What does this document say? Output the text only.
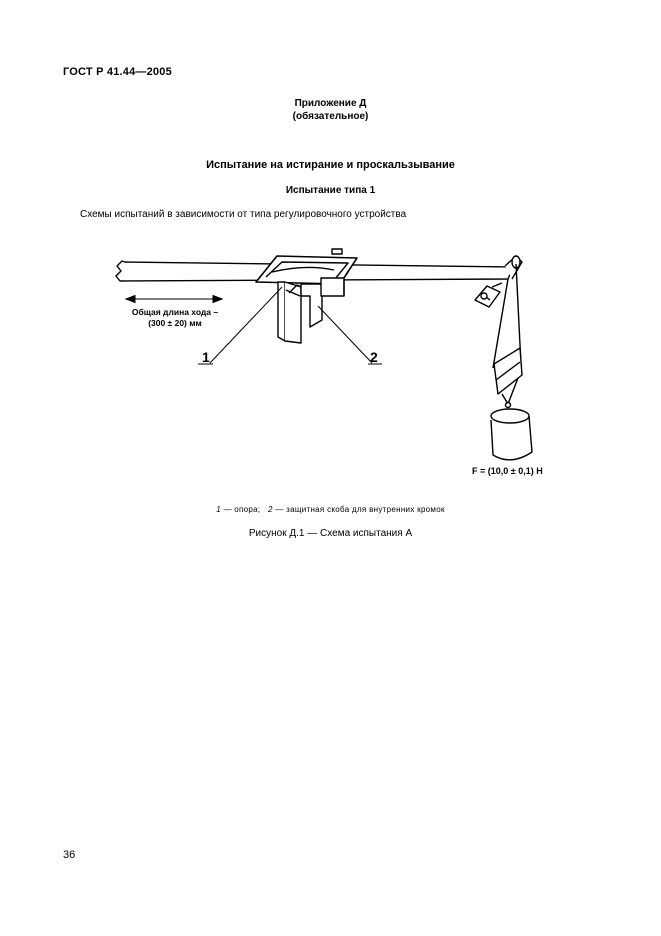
ГОСТ Р 41.44—2005
Приложение Д
(обязательное)
Испытание на истирание и проскальзывание
Испытание типа 1
Схемы испытаний в зависимости от типа регулировочного устройства
Общая длина хода –
(300 ± 20) мм
1	2
F = (10,0 ± 0,1) Н
1 — опора;   2 — защитная скоба для внутренних кромок
Рисунок Д.1 — Схема испытания А
36
